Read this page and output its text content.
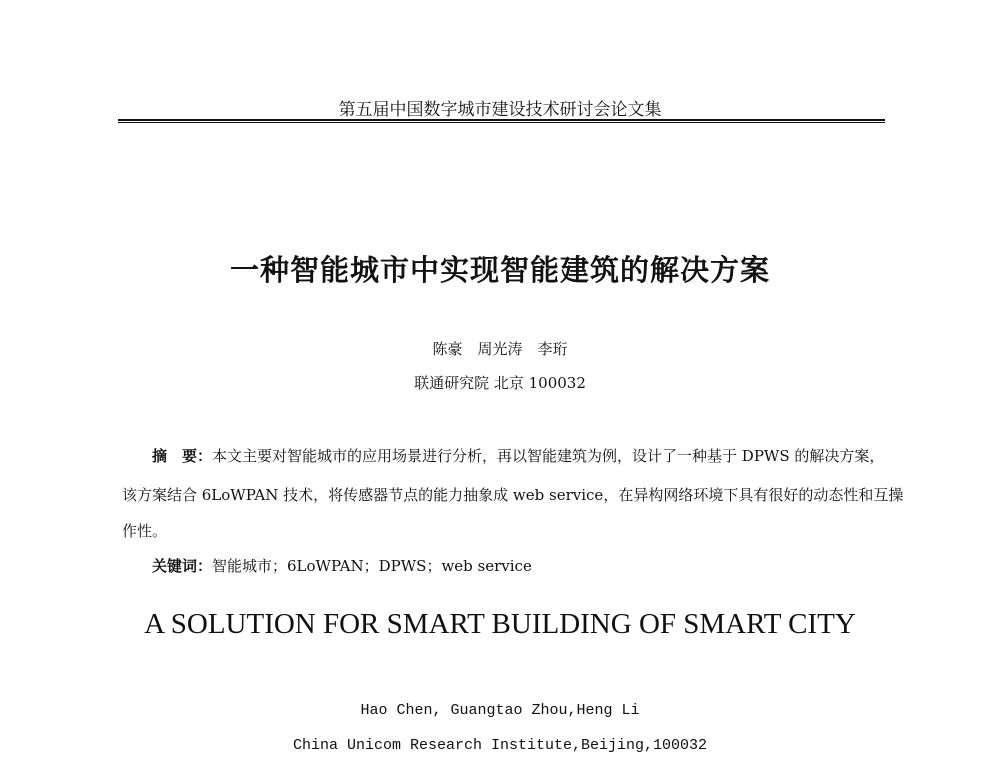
第五届中国数字城市建设技术研讨会论文集
一种智能城市中实现智能建筑的解决方案
陈豪　周光涛　李珩
联通研究院 北京 100032
摘　要：本文主要对智能城市的应用场景进行分析，再以智能建筑为例，设计了一种基于 DPWS 的解决方案，
该方案结合 6LoWPAN 技术，将传感器节点的能力抽象成 web service，在异构网络环境下具有很好的动态性和互操
作性。
关键词：智能城市；6LoWPAN；DPWS；web service
A SOLUTION FOR SMART BUILDING OF SMART CITY
Hao Chen, Guangtao Zhou,Heng Li
China Unicom Research Institute,Beijing,100032
